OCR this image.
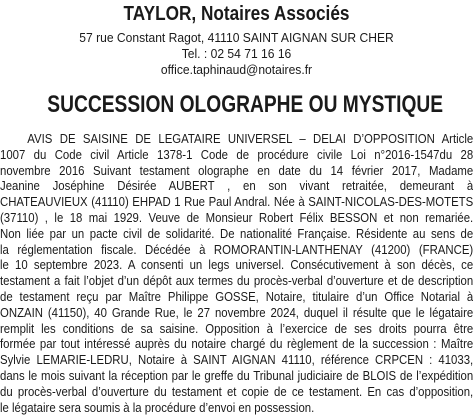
TAYLOR, Notaires Associés
57 rue Constant Ragot, 41110 SAINT AIGNAN SUR CHER
Tel. : 02 54 71 16 16
office.taphinaud@notaires.fr
SUCCESSION OLOGRAPHE OU MYSTIQUE
AVIS DE SAISINE DE LEGATAIRE UNIVERSEL – DELAI D’OPPOSITION Article
1007 du Code civil Article 1378-1 Code de procédure civile Loi n°2016-1547du 28
novembre 2016 Suivant testament olographe en date du 14 février 2017, Madame
Jeanine Joséphine Désirée AUBERT , en son vivant retraitée, demeurant à
CHATEAUVIEUX (41110) EHPAD 1 Rue Paul Andral. Née à SAINT-NICOLAS-DES-MOTETS
(37110) , le 18 mai 1929. Veuve de Monsieur Robert Félix BESSON et non remariée.
Non liée par un pacte civil de solidarité. De nationalité Française. Résidente au sens de
la réglementation fiscale. Décédée à ROMORANTIN-LANTHENAY (41200) (FRANCE)
le 10 septembre 2023. A consenti un legs universel. Consécutivement à son décès, ce
testament a fait l’objet d’un dépôt aux termes du procès-verbal d’ouverture et de description
de testament reçu par Maître Philippe GOSSE, Notaire, titulaire d’un Office Notarial à
ONZAIN (41150), 40 Grande Rue, le 27 novembre 2024, duquel il résulte que le légataire
remplit les conditions de sa saisine. Opposition à l’exercice de ses droits pourra être
formée par tout intéressé auprès du notaire chargé du règlement de la succession : Maître
Sylvie LEMARIE-LEDRU, Notaire à SAINT AIGNAN 41110, référence CRPCEN : 41033,
dans le mois suivant la réception par le greffe du Tribunal judiciaire de BLOIS de l’expédition
du procès-verbal d’ouverture du testament et copie de ce testament. En cas d’opposition,
le légataire sera soumis à la procédure d’envoi en possession.
